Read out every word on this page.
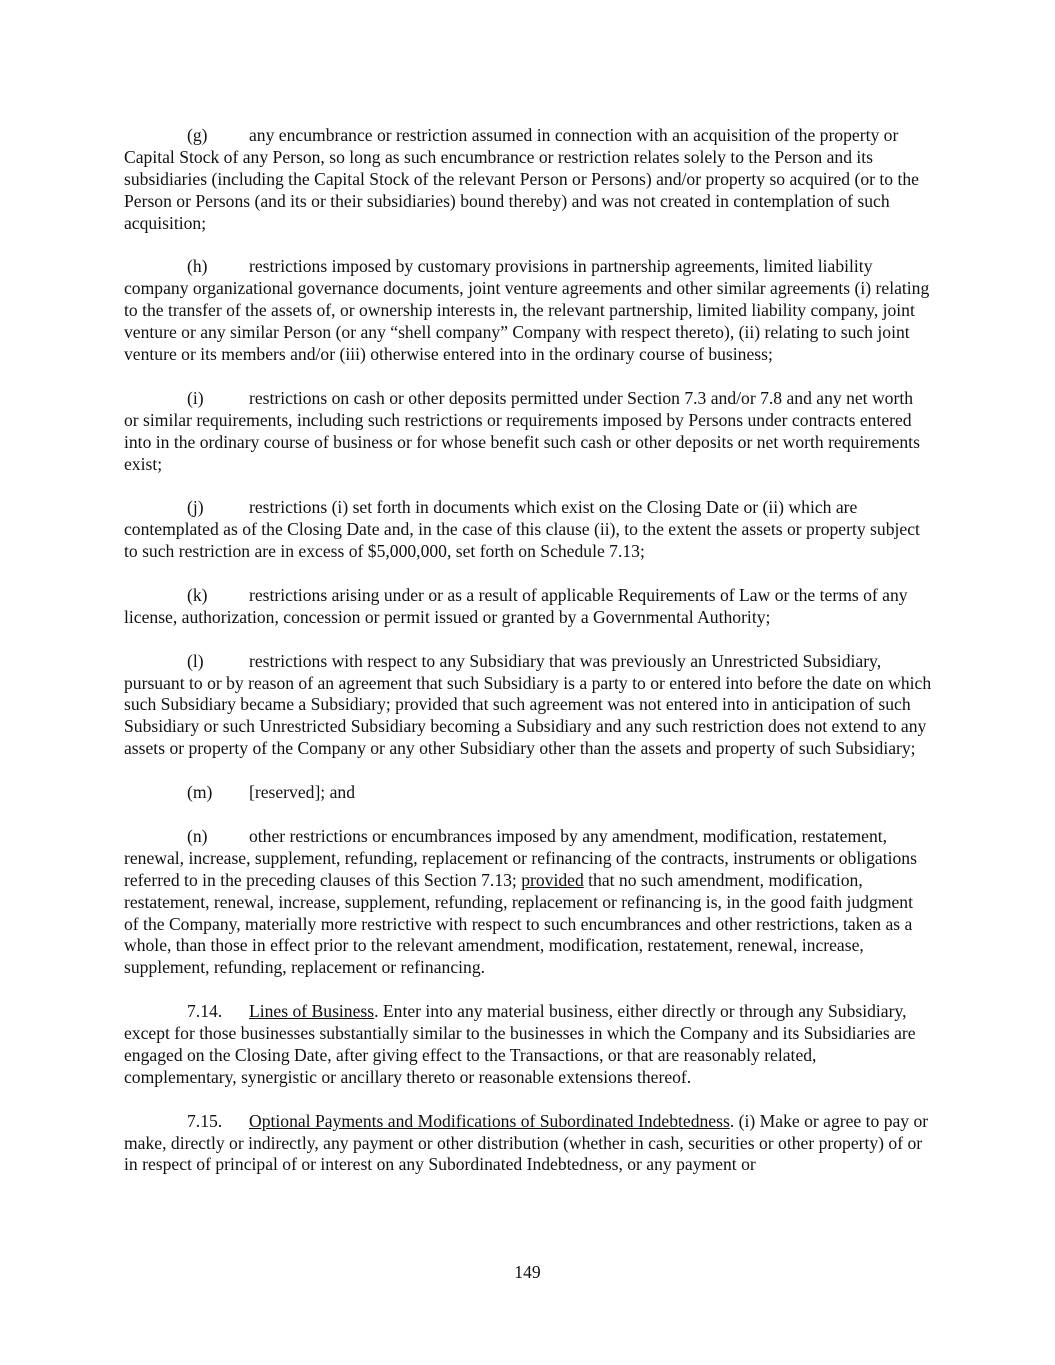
(g) any encumbrance or restriction assumed in connection with an acquisition of the property or Capital Stock of any Person, so long as such encumbrance or restriction relates solely to the Person and its subsidiaries (including the Capital Stock of the relevant Person or Persons) and/or property so acquired (or to the Person or Persons (and its or their subsidiaries) bound thereby) and was not created in contemplation of such acquisition;

(h) restrictions imposed by customary provisions in partnership agreements, limited liability company organizational governance documents, joint venture agreements and other similar agreements (i) relating to the transfer of the assets of, or ownership interests in, the relevant partnership, limited liability company, joint venture or any similar Person (or any “shell company” Company with respect thereto), (ii) relating to such joint venture or its members and/or (iii) otherwise entered into in the ordinary course of business;

(i)	restrictions on cash or other deposits permitted under Section 7.3 and/or 7.8 and any net worth or similar requirements, including such restrictions or requirements imposed by Persons under contracts entered into in the ordinary course of business or for whose benefit such cash or other deposits or net worth requirements exist;

(j)	restrictions (i) set forth in documents which exist on the Closing Date or (ii) which are contemplated as of the Closing Date and, in the case of this clause (ii), to the extent the assets or property subject to such restriction are in excess of $5,000,000, set forth on Schedule 7.13;

(k) restrictions arising under or as a result of applicable Requirements of Law or the terms of any license, authorization, concession or permit issued or granted by a Governmental Authority;

(l)	restrictions with respect to any Subsidiary that was previously an Unrestricted Subsidiary, pursuant to or by reason of an agreement that such Subsidiary is a party to or entered into before the date on which such Subsidiary became a Subsidiary; provided that such agreement was not entered into in anticipation of such Subsidiary or such Unrestricted Subsidiary becoming a Subsidiary and any such restriction does not extend to any assets or property of the Company or any other Subsidiary other than the assets and property of such Subsidiary;

(m) [reserved]; and

(n) other restrictions or encumbrances imposed by any amendment, modification, restatement, renewal, increase, supplement, refunding, replacement or refinancing of the contracts, instruments or obligations referred to in the preceding clauses of this Section 7.13; provided that no such amendment, modification, restatement, renewal, increase, supplement, refunding, replacement or refinancing is, in the good faith judgment of the Company, materially more restrictive with respect to such encumbrances and other restrictions, taken as a whole, than those in effect prior to the relevant amendment, modification, restatement, renewal, increase, supplement, refunding, replacement or refinancing.

7.14. Lines of Business. Enter into any material business, either directly or through any Subsidiary, except for those businesses substantially similar to the businesses in which the Company and its Subsidiaries are engaged on the Closing Date, after giving effect to the Transactions, or that are reasonably related, complementary, synergistic or ancillary thereto or reasonable extensions thereof.

7.15. Optional Payments and Modifications of Subordinated Indebtedness. (i) Make or agree to pay or make, directly or indirectly, any payment or other distribution (whether in cash, securities or other property) of or in respect of principal of or interest on any Subordinated Indebtedness, or any payment or

149
